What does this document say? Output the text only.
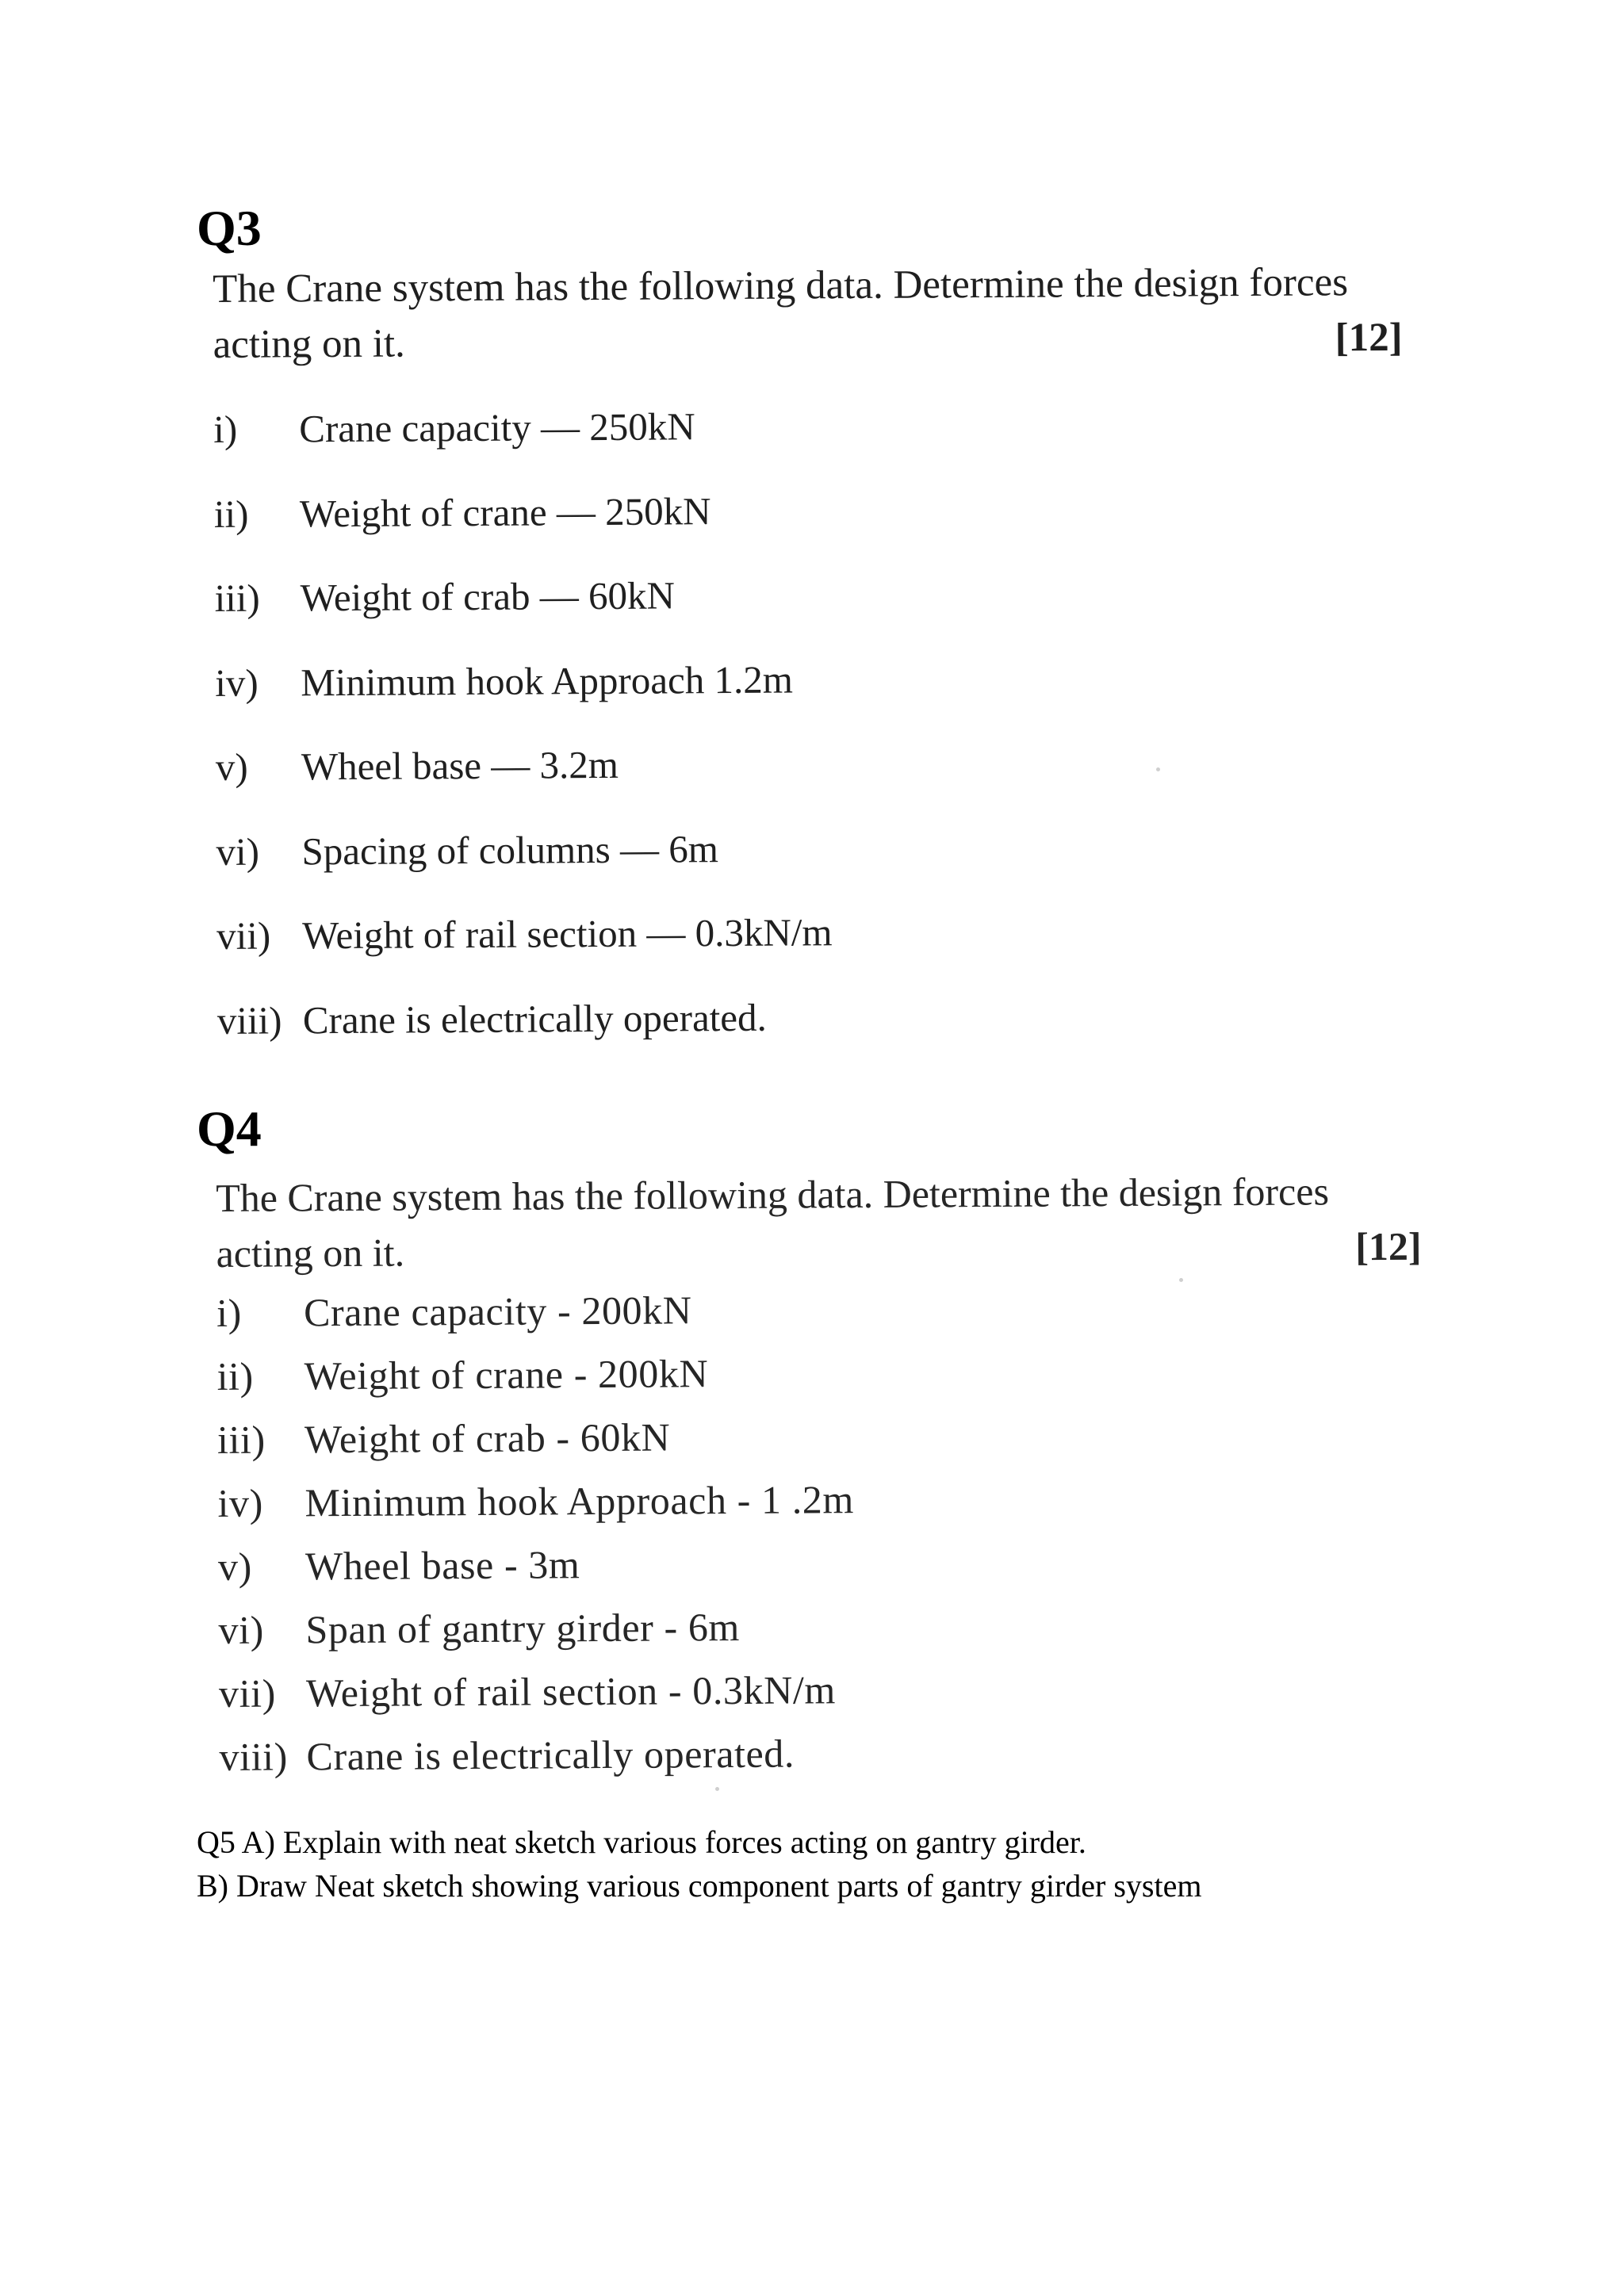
Q3

The Crane system has the following data. Determine the design forces acting on it.	[12]

i) Crane capacity — 250kN
ii) Weight of crane — 250kN
iii) Weight of crab — 60kN
iv) Minimum hook Approach 1.2m
v) Wheel base — 3.2m
vi) Spacing of columns — 6m
vii) Weight of rail section — 0.3kN/m
viii) Crane is electrically operated.
Q4

The Crane system has the following data. Determine the design forces acting on it.	[12]

i) Crane capacity - 200kN
ii) Weight of crane - 200kN
iii) Weight of crab - 60kN
iv) Minimum hook Approach - 1 .2m
v) Wheel base - 3m
vi) Span of gantry girder - 6m
vii) Weight of rail section - 0.3kN/m
viii) Crane is electrically operated.

Q5 A) Explain with neat sketch various forces acting on gantry girder.

B) Draw Neat sketch showing various component parts of gantry girder system
